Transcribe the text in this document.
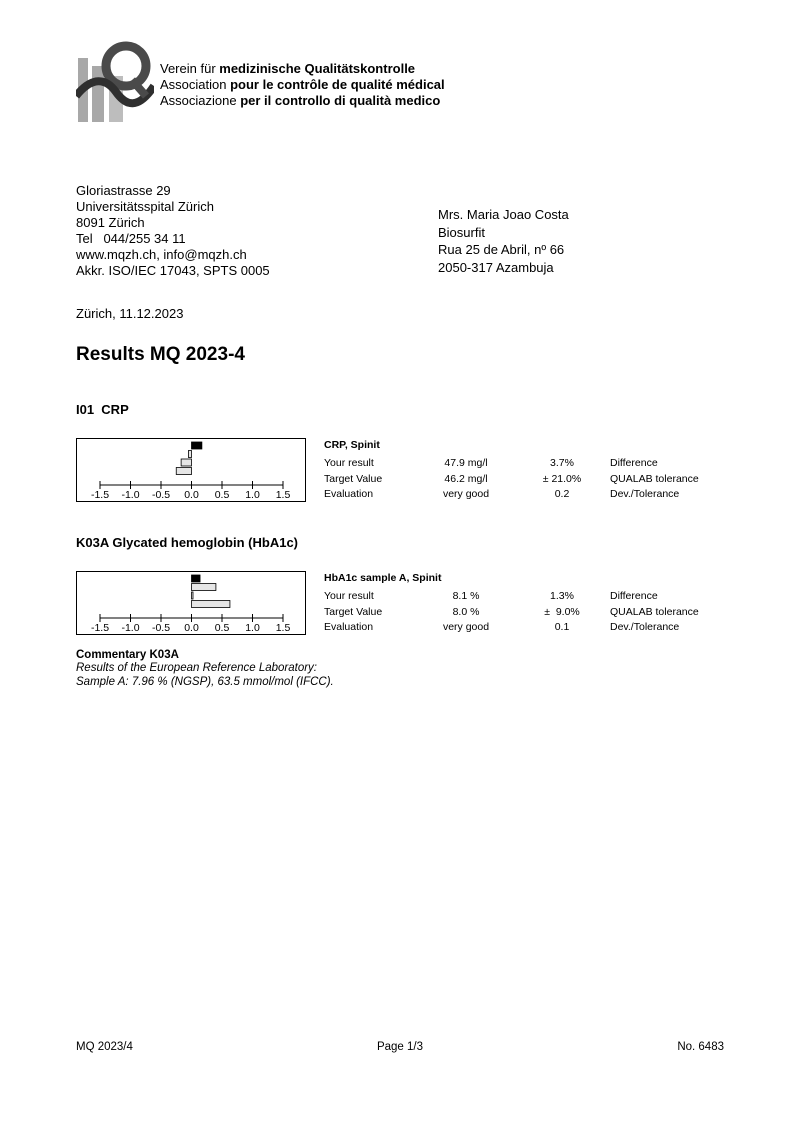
Verein für medizinische Qualitätskontrolle
Association pour le contrôle de qualité médical
Associazione per il controllo di qualità medico
Gloriastrasse 29
Universitätsspital Zürich
8091 Zürich
Tel   044/255 34 11
www.mqzh.ch, info@mqzh.ch
Akkr. ISO/IEC 17043, SPTS 0005
Mrs. Maria Joao Costa
Biosurfit
Rua 25 de Abril, nº 66
2050-317 Azambuja
Zürich, 11.12.2023
Results MQ 2023-4
I01  CRP
-1.5 -1.0 -0.5 0.0 0.5 1.0 1.5
CRP, Spinit
Your result	47.9 mg/l	3.7%	Difference
Target Value	46.2 mg/l	± 21.0%	QUALAB tolerance
Evaluation	very good	0.2	Dev./Tolerance
K03A Glycated hemoglobin (HbA1c)
-1.5 -1.0 -0.5 0.0 0.5 1.0 1.5
HbA1c sample A, Spinit
Your result	8.1 %	1.3%	Difference
Target Value	8.0 %	±  9.0%	QUALAB tolerance
Evaluation	very good	0.1	Dev./Tolerance
Commentary K03A
Results of the European Reference Laboratory:
Sample A: 7.96 % (NGSP), 63.5 mmol/mol (IFCC).
MQ 2023/4	Page 1/3	No. 6483
